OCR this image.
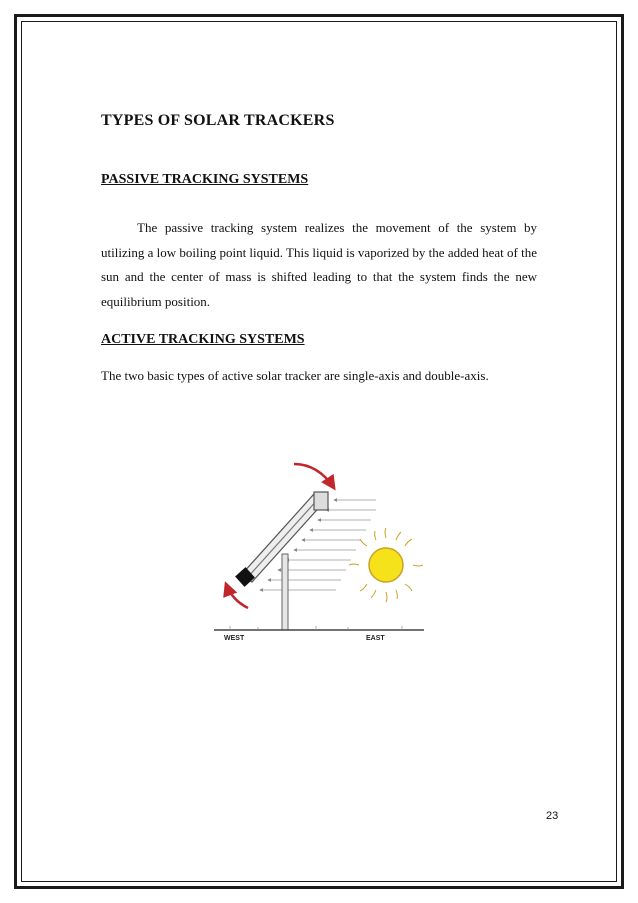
TYPES OF SOLAR TRACKERS
PASSIVE TRACKING SYSTEMS
The passive tracking system realizes the movement of the system by utilizing a low boiling point liquid. This liquid is vaporized by the added heat of the sun and the center of mass is shifted leading to that the system finds the new equilibrium position.
ACTIVE TRACKING SYSTEMS
The two basic types of active solar tracker are single-axis and double-axis.
WEST	EAST
23
